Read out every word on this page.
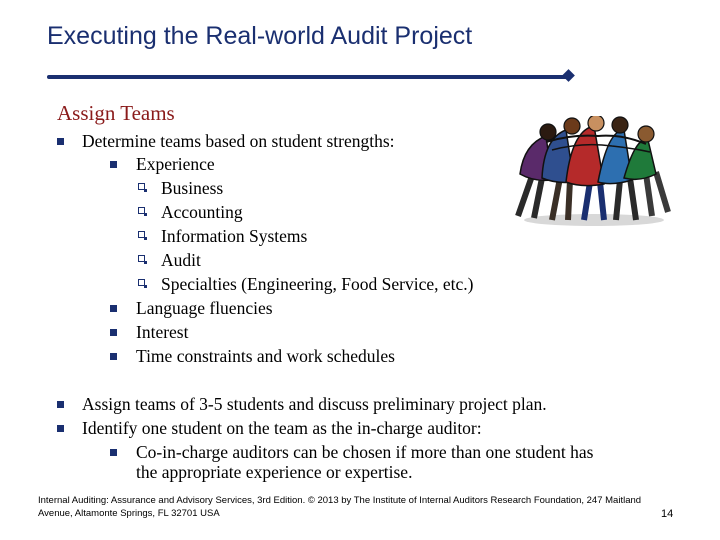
Executing the Real-world Audit Project
Assign Teams
Determine teams based on student strengths:
Experience
Business
Accounting
Information Systems
Audit
Specialties (Engineering, Food Service, etc.)
Language fluencies
Interest
Time constraints and work schedules
Assign teams of 3-5 students and discuss preliminary project plan.
Identify one student on the team as the in-charge auditor:
Co-in-charge auditors can be chosen if more than one student has
the appropriate experience or expertise.
Internal Auditing: Assurance and Advisory Services, 3rd Edition. © 2013 by The Institute of Internal Auditors Research Foundation, 247 Maitland
Avenue, Altamonte Springs, FL 32701 USA	14
